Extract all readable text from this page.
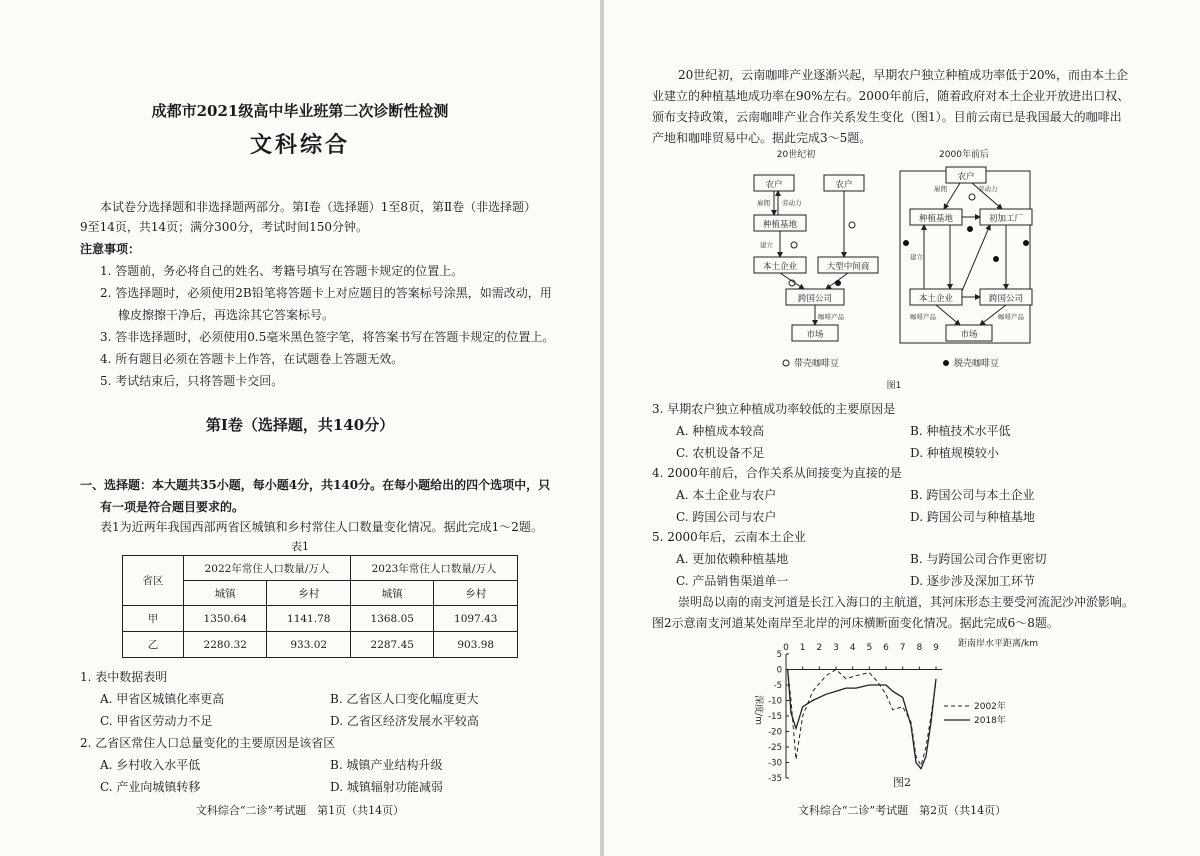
成都市2021级高中毕业班第二次诊断性检测
文科综合
本试卷分选择题和非选择题两部分。第Ⅰ卷（选择题）1至8页，第Ⅱ卷（非选择题）
9至14页，共14页；满分300分，考试时间150分钟。
注意事项：
1. 答题前，务必将自己的姓名、考籍号填写在答题卡规定的位置上。
2. 答选择题时，必须使用2B铅笔将答题卡上对应题目的答案标号涂黑，如需改动，用
橡皮擦擦干净后，再选涂其它答案标号。
3. 答非选择题时，必须使用0.5毫米黑色签字笔，将答案书写在答题卡规定的位置上。
4. 所有题目必须在答题卡上作答，在试题卷上答题无效。
5. 考试结束后，只将答题卡交回。
第Ⅰ卷（选择题，共140分）
一、选择题：本大题共35小题，每小题4分，共140分。在每小题给出的四个选项中，只
有一项是符合题目要求的。
表1为近两年我国西部两省区城镇和乡村常住人口数量变化情况。据此完成1～2题。
表1
省区	2022年常住人口数量/万人		2023年常住人口数量/万人	
	城镇	乡村	城镇	乡村
甲	1350.64	1141.78	1368.05	1097.43
乙	2280.32	933.02	2287.45	903.98
1. 表中数据表明
A. 甲省区城镇化率更高	B. 乙省区人口变化幅度更大
C. 甲省区劳动力不足	D. 乙省区经济发展水平较高
2. 乙省区常住人口总量变化的主要原因是该省区
A. 乡村收入水平低	B. 城镇产业结构升级
C. 产业向城镇转移	D. 城镇辐射功能减弱
文科综合“二诊”考试题　第1页（共14页）
20世纪初，云南咖啡产业逐渐兴起，早期农户独立种植成功率低于20%，而由本土企
业建立的种植基地成功率在90%左右。2000年前后，随着政府对本土企业开放进出口权、
颁布支持政策，云南咖啡产业合作关系发生变化（图1）。目前云南已是我国最大的咖啡出
产地和咖啡贸易中心。据此完成3～5题。
20世纪初	2000年前后
农户	农户
种植基地
本土企业	大型中间商
跨国公司
市场
雇佣 劳动力
建立
咖啡产品
农户
种植基地	初加工厂
本土企业	跨国公司
市场
雇佣	劳动力
建立
咖啡产品	咖啡产品
带壳咖啡豆	脱壳咖啡豆
图1
3. 早期农户独立种植成功率较低的主要原因是
A. 种植成本较高	B. 种植技术水平低
C. 农机设备不足	D. 种植规模较小
4. 2000年前后，合作关系从间接变为直接的是
A. 本土企业与农户	B. 跨国公司与本土企业
C. 跨国公司与农户	D. 跨国公司与种植基地
5. 2000年后，云南本土企业
A. 更加依赖种植基地	B. 与跨国公司合作更密切
C. 产品销售渠道单一	D. 逐步涉及深加工环节
崇明岛以南的南支河道是长江入海口的主航道，其河床形态主要受河流泥沙冲淤影响。
图2示意南支河道某处南岸至北岸的河床横断面变化情况。据此完成6～8题。
0 1 2 3 4 5 6 7 8 9
5
0
-5
-10
-15
-20
-25
-30
-35
距南岸水平距离/km
深度/m	2002年
2018年
图2
文科综合“二诊”考试题　第2页（共14页）
